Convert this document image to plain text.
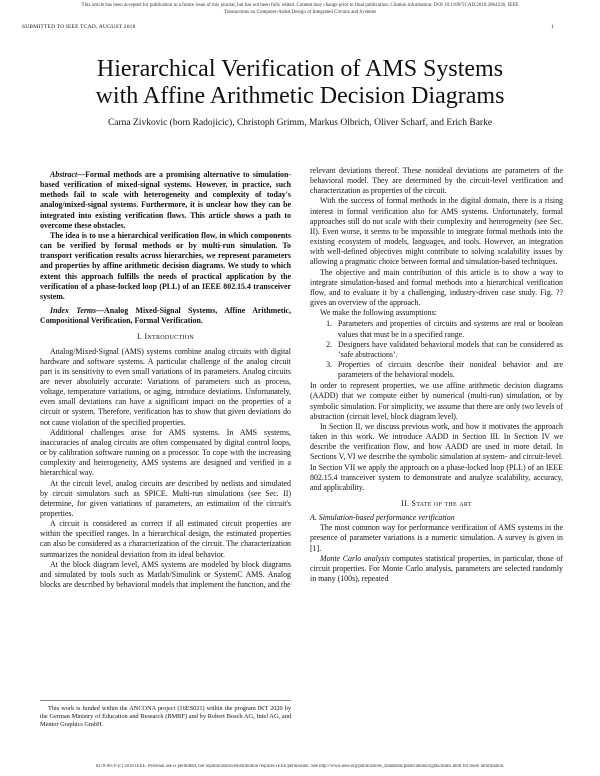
This article has been accepted for publication in a future issue of this journal, but has not been fully edited. Content may change prior to final publication. Citation information: DOI 10.1109/TCAD.2018.2864236, IEEE
Transactions on Computer-Aided Design of Integrated Circuits and Systems
SUBMITTED TO IEEE TCAD, AUGUST 2018	1
Hierarchical Verification of AMS Systems
with Affine Arithmetic Decision Diagrams
Carna Zivkovic (born Radojicic), Christoph Grimm, Markus Olbrich, Oliver Scharf, and Erich Barke

Abstract—Formal methods are a promising alternative to simulation-based verification of mixed-signal systems. However, in practice, such methods fail to scale with heterogeneity and complexity of today's analog/mixed-signal systems. Furthermore, it is unclear how they can be integrated into existing verification flows. This article shows a path to overcome these obstacles.

The idea is to use a hierarchical verification flow, in which components can be verified by formal methods or by multi-run simulation. To transport verification results across hierarchies, we represent parameters and properties by affine arithmetic decision diagrams. We study to which extent this approach fulfills the needs of practical application by the verification of a phase-locked loop (PLL) of an IEEE 802.15.4 transceiver system.

Index Terms—Analog Mixed-Signal Systems, Affine Arithmetic, Compositional Verification, Formal Verification.

I. Introduction

Analog/Mixed-Signal (AMS) systems combine analog circuits with digital hardware and software systems. A particular challenge of the analog circuit part is its sensitivity to even small variations of its parameters. Analog circuits are never absolutely accurate: Variations of parameters such as process, voltage, temperature variations, or aging, introduce deviations. Unfortunately, even small deviations can have a significant impact on the properties of a circuit or system. Therefore, verification has to show that given deviations do not cause violation of the specified properties.

Additional challenges arise for AMS systems. In AMS systems, inaccuracies of analog circuits are often compensated by digital control loops, or by calibration software running on a processor. To cope with the increasing complexity and heterogeneity, AMS systems are designed and verified in a hierarchical way.

At the circuit level, analog circuits are described by netlists and simulated by circuit simulators such as SPICE. Multi-run simulations (see Sec. II) determine, for given variations of parameters, an estimation of the circuit's properties.

A circuit is considered as correct if all estimated circuit properties are within the specified ranges. In a hierarchical design, the estimated properties can also be considered as a characterization of the circuit. The characterization summarizes the nonideal deviation from its ideal behavior.

At the block diagram level, AMS systems are modeled by block diagrams and simulated by tools such as Matlab/Simulink or SystemC AMS. Analog blocks are described by behavioral models that implement the function, and the

This work is funded within the ANCONA project (16ES021) within the program IKT 2020 by the German Ministry of Education and Research (BMBF) and by Robert Bosch AG, Intel AG, and Mentor Graphics GmbH.

relevant deviations thereof. These nonideal deviations are parameters of the behavioral model. They are determined by the circuit-level verification and characterization as properties of the circuit.

With the success of formal methods in the digital domain, there is a rising interest in formal verification also for AMS systems. Unfortunately, formal approaches still do not scale with their complexity and heterogeneity (see Sec. II). Even worse, it seems to be impossible to integrate formal methods into the existing ecosystem of models, languages, and tools. However, an integration with well-defined objectives might contribute to solving scalability issues by allowing a pragmatic choice between formal and simulation-based techniques.

The objective and main contribution of this article is to show a way to integrate simulation-based and formal methods into a hierarchical verification flow, and to evaluate it by a challenging, industry-driven case study. Fig. ?? gives an overview of the approach.

We make the following assumptions:

1. Parameters and properties of circuits and systems are real or boolean values that must be in a specified range.
2. Designers have validated behavioral models that can be considered as ‘safe abstractions’.
3. Properties of circuits describe their nonideal behavior and are parameters of the behavioral models.

In order to represent properties, we use affine arithmetic decision diagrams (AADD) that we compute either by numerical (multi-run) simulation, or by symbolic simulation. For simplicity, we assume that there are only two levels of abstraction (circuit level, block diagram level).

In Section II, we discuss previous work, and how it motivates the approach taken in this work. We introduce AADD in Section III. In Section IV we describe the verification flow, and how AADD are used in more detail. In Sections V, VI we describe the symbolic simulation at system- and circuit-level. In Section VII we apply the approach on a phase-locked loop (PLL) of an IEEE 802.15.4 transceiver system to demonstrate and analyze scalability, accuracy, and applicability.

II. State of the art

A. Simulation-based performance verification

The most common way for performance verification of AMS systems in the presence of parameter variations is a numeric simulation. A survey is given in [1].

Monte Carlo analysis computes statistical properties, in particular, those of circuit properties. For Monte Carlo analysis, parameters are selected randomly in many (100s), repeated

0278-0070 (c) 2018 IEEE. Personal use is permitted, but republication/redistribution requires IEEE permission. See http://www.ieee.org/publications_standards/publications/rights/index.html for more information.
